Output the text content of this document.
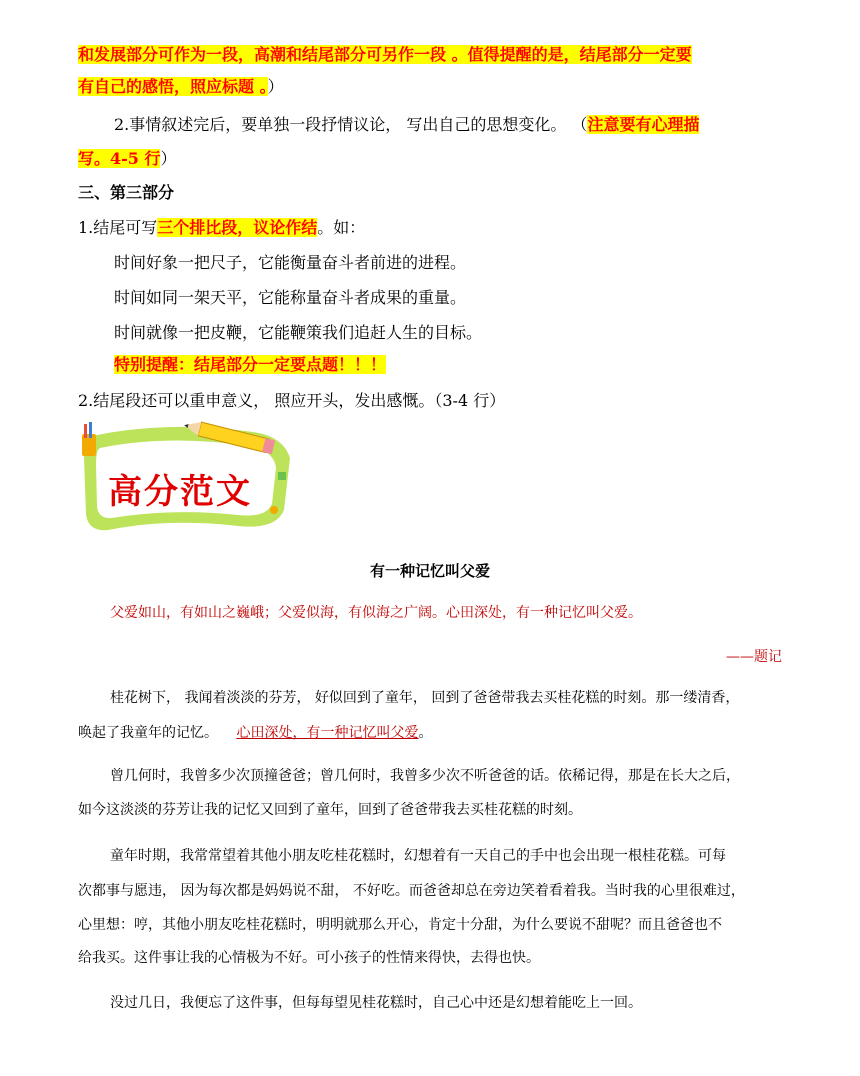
和发展部分可作为一段，高潮和结尾部分可另作一段 。值得提醒的是，结尾部分一定要
有自己的感悟，照应标题 。）
2.事情叙述完后，要单独一段抒情议论， 写出自己的思想变化。 （注意要有心理描
写。4-5 行）
三、第三部分
1.结尾可写三个排比段，议论作结。如：
时间好象一把尺子，它能衡量奋斗者前进的进程。
时间如同一架天平，它能称量奋斗者成果的重量。
时间就像一把皮鞭，它能鞭策我们追赶人生的目标。
特别提醒：结尾部分一定要点题！！！
2.结尾段还可以重申意义， 照应开头，发出感慨。（3-4 行）
高分范文
有一种记忆叫父爱
父爱如山，有如山之巍峨；父爱似海，有似海之广阔。心田深处，有一种记忆叫父爱。
——题记
桂花树下， 我闻着淡淡的芬芳， 好似回到了童年， 回到了爸爸带我去买桂花糕的时刻。那一缕清香，
唤起了我童年的记忆。 心田深处，有一种记忆叫父爱。
曾几何时，我曾多少次顶撞爸爸；曾几何时，我曾多少次不听爸爸的话。依稀记得，那是在长大之后，
如今这淡淡的芬芳让我的记忆又回到了童年，回到了爸爸带我去买桂花糕的时刻。
童年时期，我常常望着其他小朋友吃桂花糕时，幻想着有一天自己的手中也会出现一根桂花糕。可每
次都事与愿违， 因为每次都是妈妈说不甜， 不好吃。而爸爸却总在旁边笑着看着我。当时我的心里很难过，
心里想：哼，其他小朋友吃桂花糕时，明明就那么开心，肯定十分甜，为什么要说不甜呢？而且爸爸也不
给我买。这件事让我的心情极为不好。可小孩子的性情来得快，去得也快。
没过几日，我便忘了这件事，但每每望见桂花糕时，自己心中还是幻想着能吃上一回。
